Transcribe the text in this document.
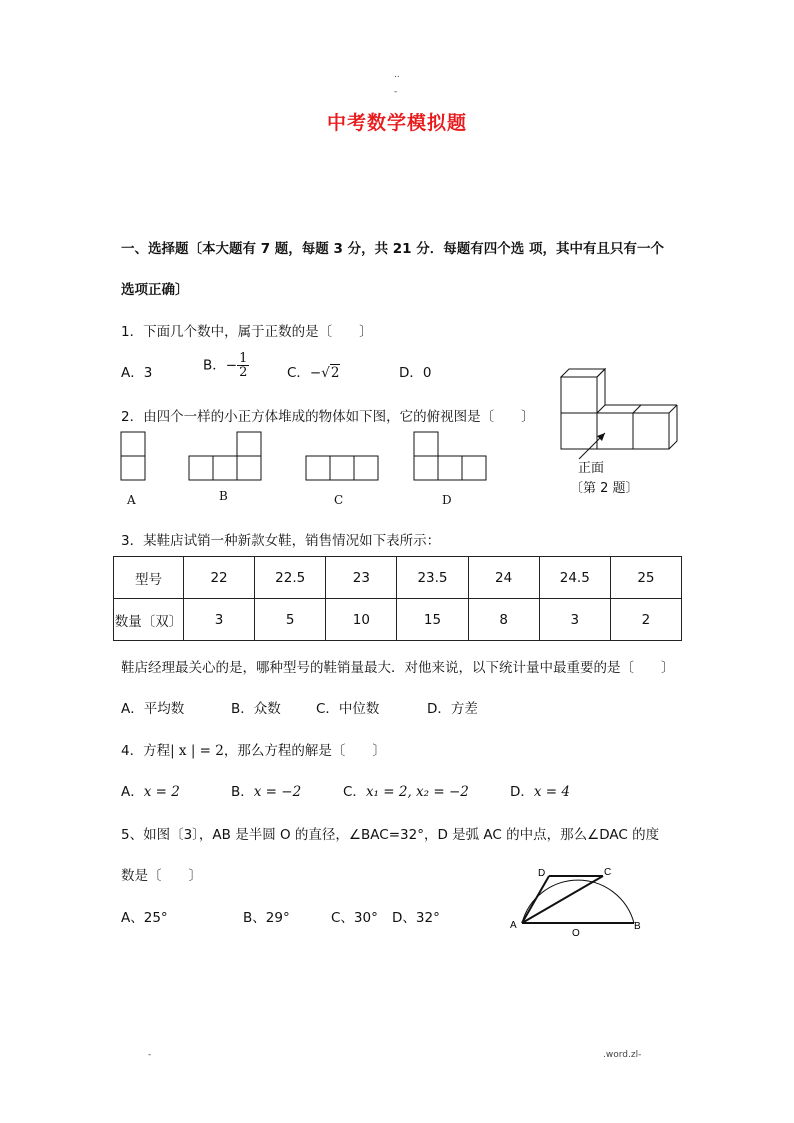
..
-
中考数学模拟题
一、选择题〔本大题有 7 题，每题 3 分，共 21 分．每题有四个选 项，其中有且只有一个
选项正确〕
1．下面几个数中，属于正数的是〔　　〕
A．3	B．− $\frac{1}{2}$	C．−√2	D．0
2．由四个一样的小正方体堆成的物体如下图，它的俯视图是〔　　〕
A	B	C	D
正面
〔第 2 题〕
3．某鞋店试销一种新款女鞋，销售情况如下表所示：
型号	22	22.5	23	23.5	24	24.5	25
数量〔双〕	3	5	10	15	8	3	2
鞋店经理最关心的是，哪种型号的鞋销量最大．对他来说，以下统计量中最重要的是〔　　〕
A．平均数	B．众数	C．中位数	D．方差
4．方程| x | = 2，那么方程的解是〔　　〕
A．x = 2	B．x = −2	C．x₁ = 2, x₂ = −2	D．x = 4
5、如图〔3〕，AB 是半圆 O 的直径，∠BAC=32°，D 是弧 AC 的中点，那么∠DAC 的度
数是〔　　〕
A、25°	B、29°	C、30° D、32°	A	B
C
D
O
-	.word.zl-
